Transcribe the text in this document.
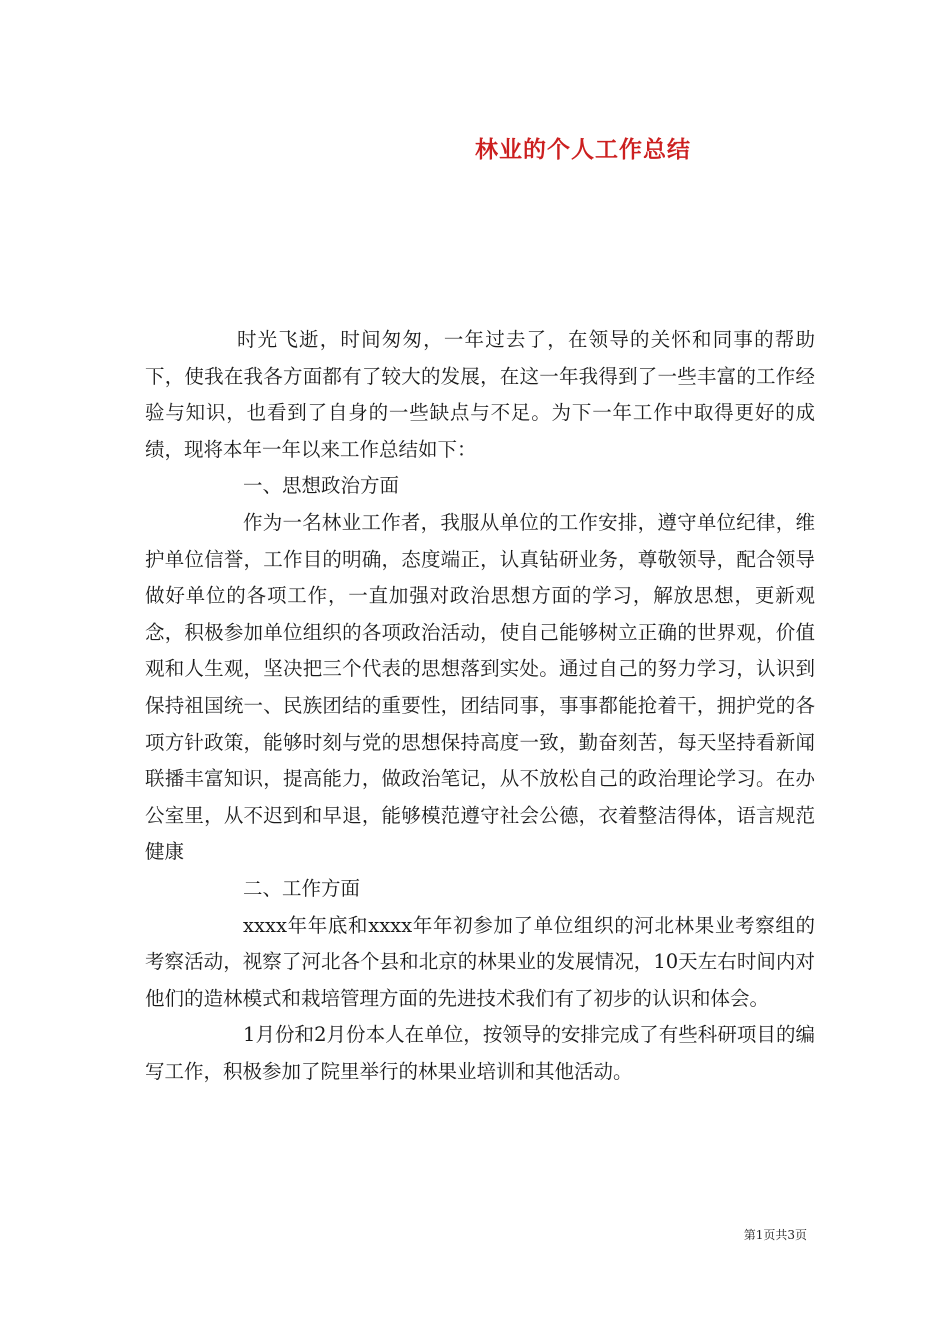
林业的个人工作总结

时光飞逝，时间匆匆，一年过去了，在领导的关怀和同事的帮助下，使我在我各方面都有了较大的发展，在这一年我得到了一些丰富的工作经验与知识，也看到了自身的一些缺点与不足。为下一年工作中取得更好的成绩，现将本年一年以来工作总结如下：

一、思想政治方面

作为一名林业工作者，我服从单位的工作安排，遵守单位纪律，维护单位信誉，工作目的明确，态度端正，认真钻研业务，尊敬领导，配合领导做好单位的各项工作，一直加强对政治思想方面的学习，解放思想，更新观念，积极参加单位组织的各项政治活动，使自己能够树立正确的世界观，价值观和人生观，坚决把三个代表的思想落到实处。通过自己的努力学习，认识到保持祖国统一、民族团结的重要性，团结同事，事事都能抢着干，拥护党的各项方针政策，能够时刻与党的思想保持高度一致，勤奋刻苦，每天坚持看新闻联播丰富知识，提高能力，做政治笔记，从不放松自己的政治理论学习。在办公室里，从不迟到和早退，能够模范遵守社会公德，衣着整洁得体，语言规范健康

二、工作方面

xxxx年年底和xxxx年年初参加了单位组织的河北林果业考察组的考察活动，视察了河北各个县和北京的林果业的发展情况，10天左右时间内对他们的造林模式和栽培管理方面的先进技术我们有了初步的认识和体会。

1月份和2月份本人在单位，按领导的安排完成了有些科研项目的编写工作，积极参加了院里举行的林果业培训和其他活动。

第1页共3页
